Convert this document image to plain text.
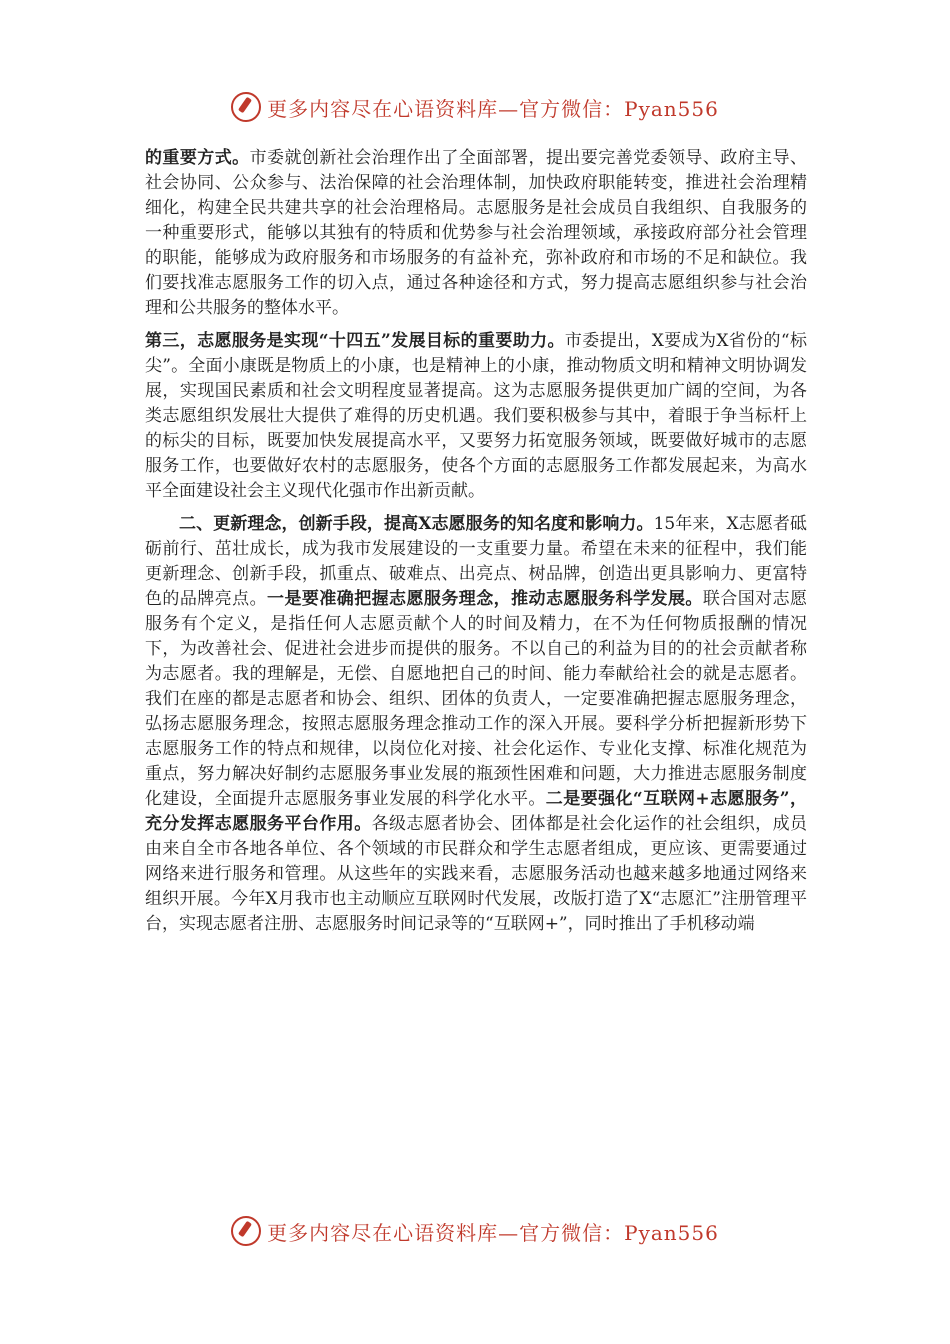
更多内容尽在心语资料库—官方微信：Pyan556

的重要方式。市委就创新社会治理作出了全面部署，提出要完善党委领导、政府主导、社会协同、公众参与、法治保障的社会治理体制，加快政府职能转变，推进社会治理精细化，构建全民共建共享的社会治理格局。志愿服务是社会成员自我组织、自我服务的一种重要形式，能够以其独有的特质和优势参与社会治理领域，承接政府部分社会管理的职能，能够成为政府服务和市场服务的有益补充，弥补政府和市场的不足和缺位。我们要找准志愿服务工作的切入点，通过各种途径和方式，努力提高志愿组织参与社会治理和公共服务的整体水平。

第三，志愿服务是实现“十四五”发展目标的重要助力。市委提出，X要成为X省份的“标尖”。全面小康既是物质上的小康，也是精神上的小康，推动物质文明和精神文明协调发展，实现国民素质和社会文明程度显著提高。这为志愿服务提供更加广阔的空间，为各类志愿组织发展壮大提供了难得的历史机遇。我们要积极参与其中，着眼于争当标杆上的标尖的目标，既要加快发展提高水平，又要努力拓宽服务领域，既要做好城市的志愿服务工作，也要做好农村的志愿服务，使各个方面的志愿服务工作都发展起来，为高水平全面建设社会主义现代化强市作出新贡献。

二、更新理念，创新手段，提高X志愿服务的知名度和影响力。15年来，X志愿者砥砺前行、茁壮成长，成为我市发展建设的一支重要力量。希望在未来的征程中，我们能更新理念、创新手段，抓重点、破难点、出亮点、树品牌，创造出更具影响力、更富特色的品牌亮点。一是要准确把握志愿服务理念，推动志愿服务科学发展。联合国对志愿服务有个定义，是指任何人志愿贡献个人的时间及精力，在不为任何物质报酬的情况下，为改善社会、促进社会进步而提供的服务。不以自己的利益为目的的社会贡献者称为志愿者。我的理解是，无偿、自愿地把自己的时间、能力奉献给社会的就是志愿者。我们在座的都是志愿者和协会、组织、团体的负责人，一定要准确把握志愿服务理念，弘扬志愿服务理念，按照志愿服务理念推动工作的深入开展。要科学分析把握新形势下志愿服务工作的特点和规律，以岗位化对接、社会化运作、专业化支撑、标准化规范为重点，努力解决好制约志愿服务事业发展的瓶颈性困难和问题，大力推进志愿服务制度化建设，全面提升志愿服务事业发展的科学化水平。二是要强化“互联网+志愿服务”，充分发挥志愿服务平台作用。各级志愿者协会、团体都是社会化运作的社会组织，成员由来自全市各地各单位、各个领域的市民群众和学生志愿者组成，更应该、更需要通过网络来进行服务和管理。从这些年的实践来看，志愿服务活动也越来越多地通过网络来组织开展。今年X月我市也主动顺应互联网时代发展，改版打造了X“志愿汇”注册管理平台，实现志愿者注册、志愿服务时间记录等的“互联网+”，同时推出了手机移动端

更多内容尽在心语资料库—官方微信：Pyan556
